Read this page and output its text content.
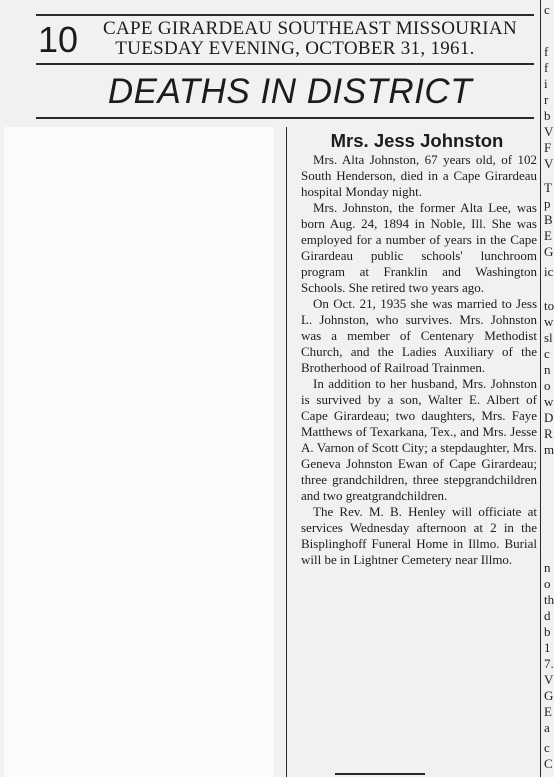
10	CAPE GIRARDEAU SOUTHEAST MISSOURIAN
TUESDAY EVENING, OCTOBER 31, 1961.
DEATHS IN DISTRICT
Mrs. Jess Johnston

Mrs. Alta Johnston, 67 years old, of 102 South Henderson, died in a Cape Girardeau hospital Monday night.

Mrs. Johnston, the former Alta Lee, was born Aug. 24, 1894 in Noble, Ill. She was employed for a number of years in the Cape Girardeau public schools' lunchroom program at Franklin and Washington Schools. She retired two years ago.

On Oct. 21, 1935 she was married to Jess L. Johnston, who survives. Mrs. Johnston was a member of Centenary Methodist Church, and the Ladies Auxiliary of the Brotherhood of Railroad Trainmen.

In addition to her husband, Mrs. Johnston is survived by a son, Walter E. Albert of Cape Girardeau; two daughters, Mrs. Faye Matthews of Texarkana, Tex., and Mrs. Jesse A. Varnon of Scott City; a stepdaughter, Mrs. Geneva Johnston Ewan of Cape Girardeau; three grandchildren, three stepgrandchildren and two greatgrandchildren.

The Rev. M. B. Henley will officiate at services Wednesday afternoon at 2 in the Bisplinghoff Funeral Home in Illmo. Burial will be in Lightner Cemetery near Illmo.

c
f
f
i
r
b
V
F
V
T
p
B
E
G
ic
to
w
sl
c
n
o
w
D
R
m
n
o
th
d
b
1
7.
V
G
E
a
c
C
